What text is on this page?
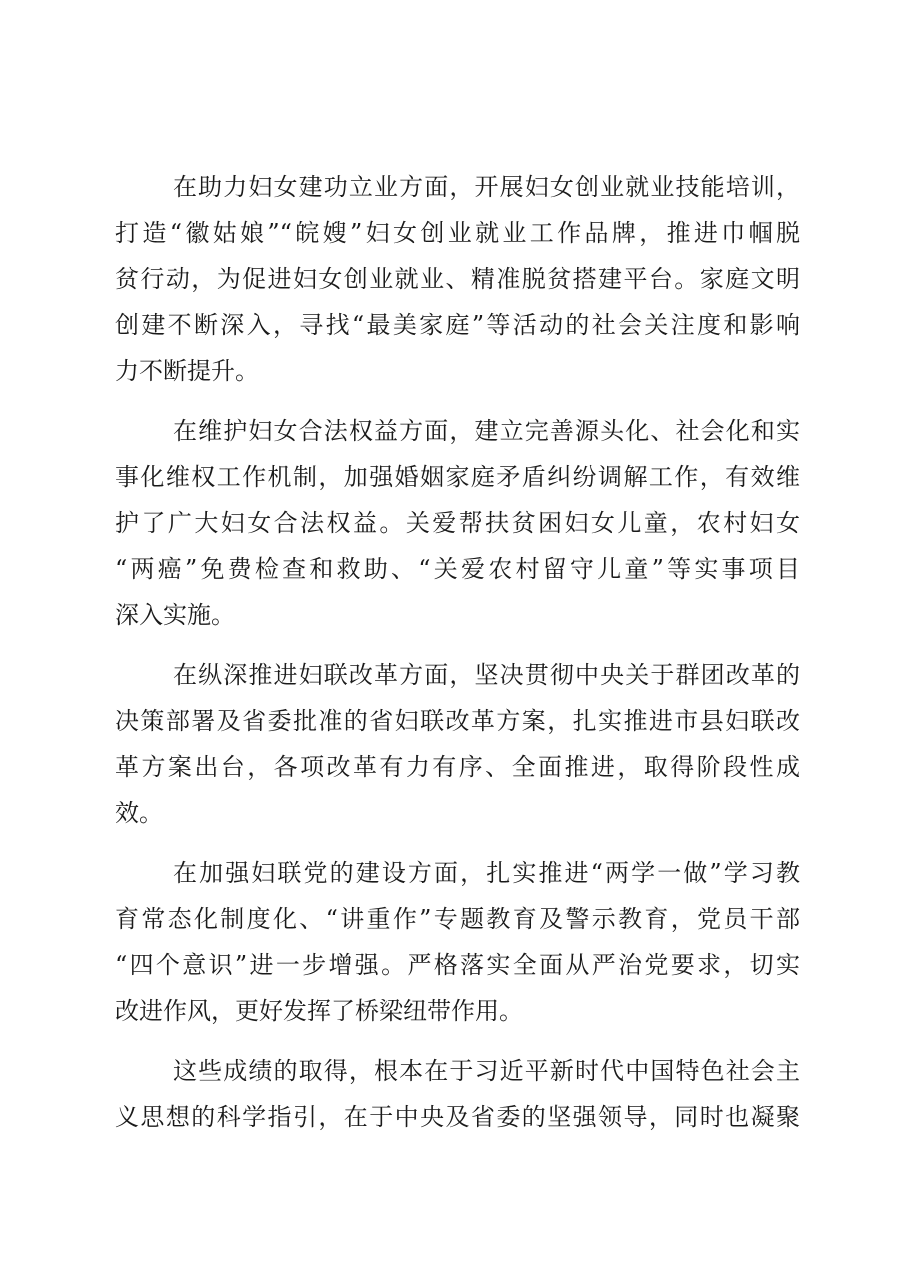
在助力妇女建功立业方面，开展妇女创业就业技能培训，
打造“徽姑娘”“皖嫂”妇女创业就业工作品牌，推进巾帼脱
贫行动，为促进妇女创业就业、精准脱贫搭建平台。家庭文明
创建不断深入，寻找“最美家庭”等活动的社会关注度和影响
力不断提升。
在维护妇女合法权益方面，建立完善源头化、社会化和实
事化维权工作机制，加强婚姻家庭矛盾纠纷调解工作，有效维
护了广大妇女合法权益。关爱帮扶贫困妇女儿童，农村妇女
“两癌”免费检查和救助、“关爱农村留守儿童”等实事项目
深入实施。
在纵深推进妇联改革方面，坚决贯彻中央关于群团改革的
决策部署及省委批准的省妇联改革方案，扎实推进市县妇联改
革方案出台，各项改革有力有序、全面推进，取得阶段性成
效。
在加强妇联党的建设方面，扎实推进“两学一做”学习教
育常态化制度化、“讲重作”专题教育及警示教育，党员干部
“四个意识”进一步增强。严格落实全面从严治党要求，切实
改进作风，更好发挥了桥梁纽带作用。
这些成绩的取得，根本在于习近平新时代中国特色社会主
义思想的科学指引，在于中央及省委的坚强领导，同时也凝聚
